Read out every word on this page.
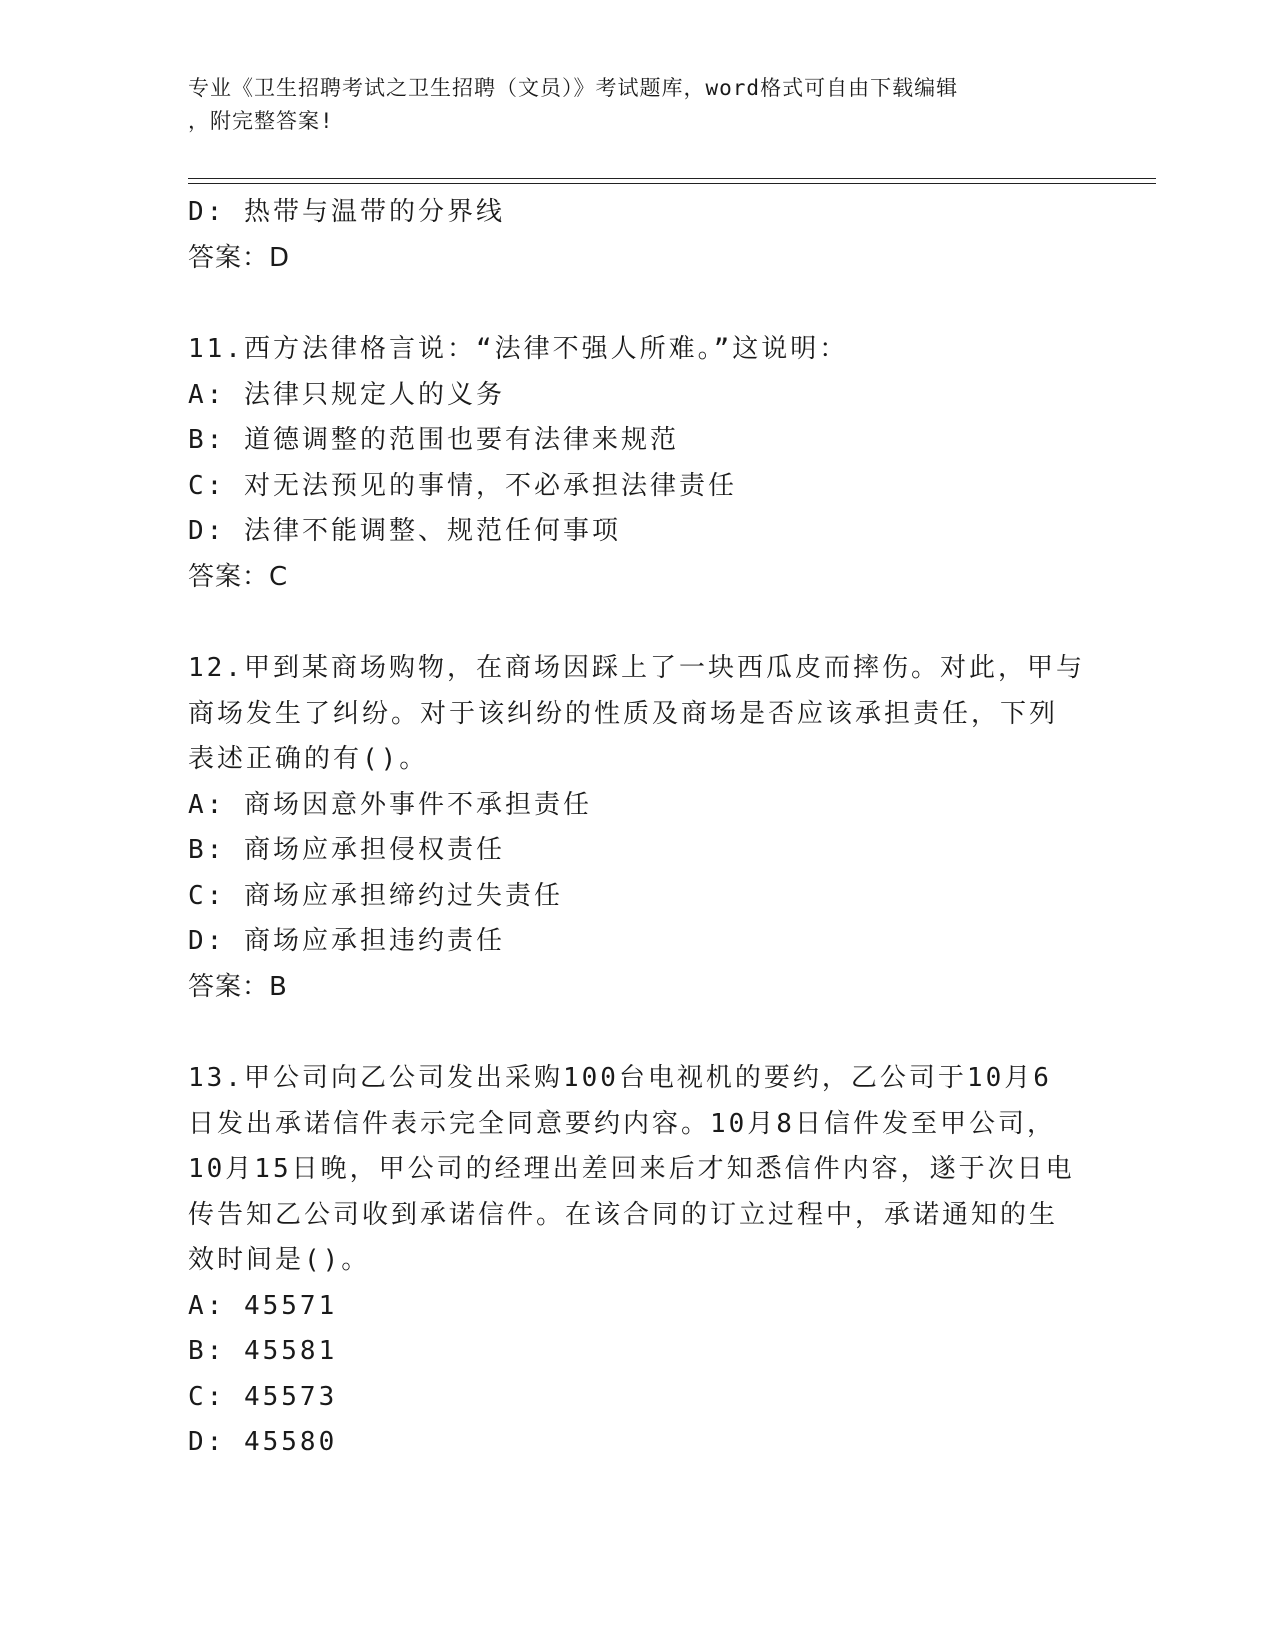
专业《卫生招聘考试之卫生招聘（文员）》考试题库，word格式可自由下载编辑
，附完整答案!
D: 热带与温带的分界线
答案：D
11.西方法律格言说：“法律不强人所难。”这说明：
A: 法律只规定人的义务
B: 道德调整的范围也要有法律来规范
C: 对无法预见的事情，不必承担法律责任
D: 法律不能调整、规范任何事项
答案：C
12.甲到某商场购物，在商场因踩上了一块西瓜皮而摔伤。对此，甲与
商场发生了纠纷。对于该纠纷的性质及商场是否应该承担责任，下列
表述正确的有()。
A: 商场因意外事件不承担责任
B: 商场应承担侵权责任
C: 商场应承担缔约过失责任
D: 商场应承担违约责任
答案：B
13.甲公司向乙公司发出采购100台电视机的要约，乙公司于10月6
日发出承诺信件表示完全同意要约内容。10月8日信件发至甲公司，
10月15日晚，甲公司的经理出差回来后才知悉信件内容，遂于次日电
传告知乙公司收到承诺信件。在该合同的订立过程中，承诺通知的生
效时间是()。
A: 45571
B: 45581
C: 45573
D: 45580
